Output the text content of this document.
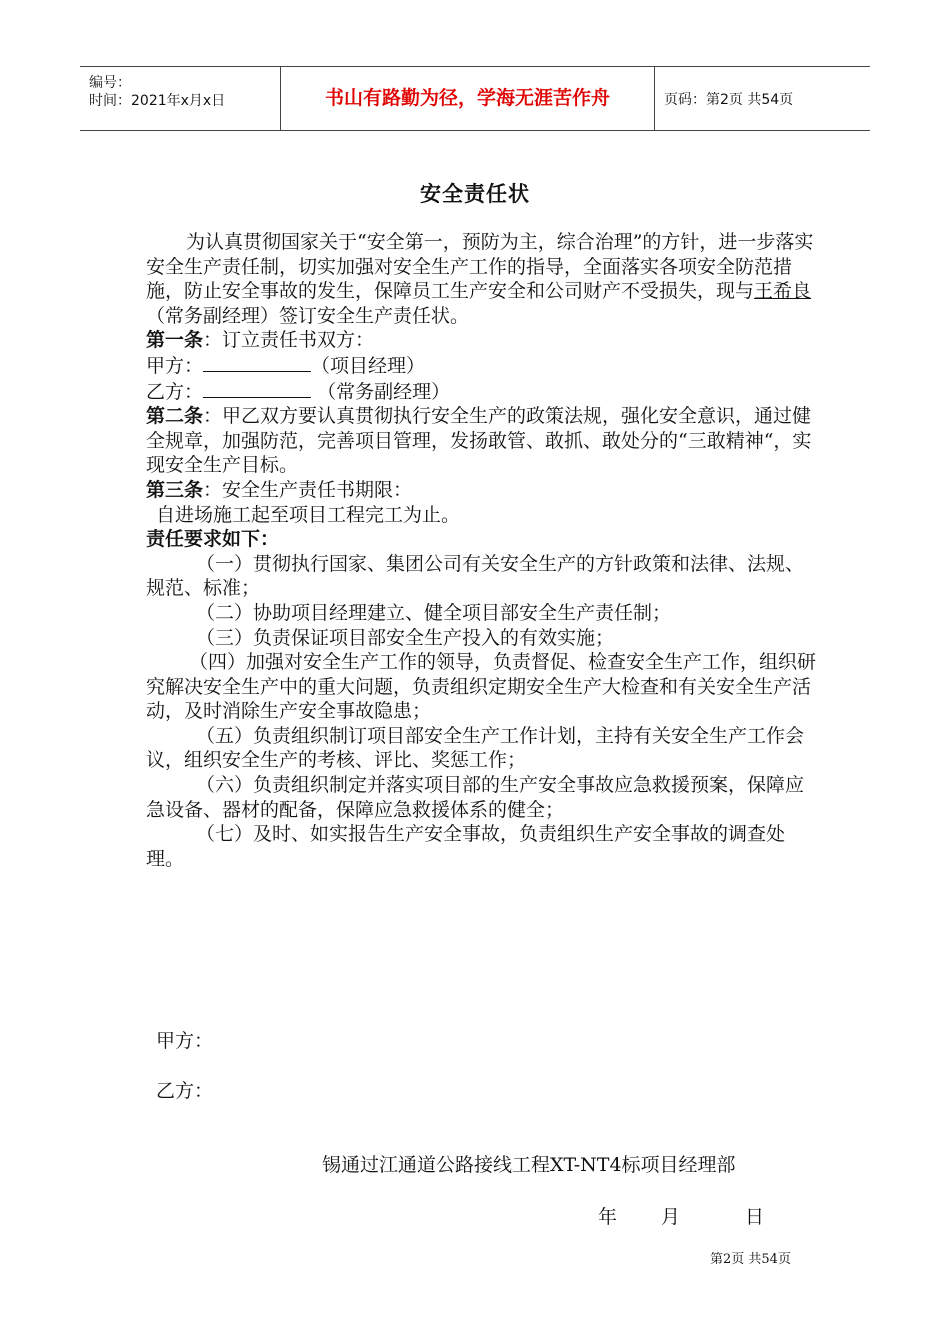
编号：
时间：2021年x月x日	书山有路勤为径，学海无涯苦作舟	页码：第2页 共54页
安全责任状

为认真贯彻国家关于“安全第一，预防为主，综合治理”的方针，进一步落实安全生产责任制，切实加强对安全生产工作的指导，全面落实各项安全防范措施，防止安全事故的发生，保障员工生产安全和公司财产不受损失，现与王希良（常务副经理）签订安全生产责任状。

第一条：订立责任书双方：

甲方：	（项目经理）

乙方：	（常务副经理）

第二条：甲乙双方要认真贯彻执行安全生产的政策法规，强化安全意识，通过健全规章，加强防范，完善项目管理，发扬敢管、敢抓、敢处分的“三敢精神“，实现安全生产目标。

第三条：安全生产责任书期限：

自进场施工起至项目工程完工为止。

责任要求如下：

（一）贯彻执行国家、集团公司有关安全生产的方针政策和法律、法规、规范、标准；

（二）协助项目经理建立、健全项目部安全生产责任制；

（三）负责保证项目部安全生产投入的有效实施；

（四）加强对安全生产工作的领导，负责督促、检查安全生产工作，组织研究解决安全生产中的重大问题，负责组织定期安全生产大检查和有关安全生产活动，及时消除生产安全事故隐患；

（五）负责组织制订项目部安全生产工作计划，主持有关安全生产工作会议，组织安全生产的考核、评比、奖惩工作；

（六）负责组织制定并落实项目部的生产安全事故应急救援预案，保障应急设备、器材的配备，保障应急救援体系的健全；

（七）及时、如实报告生产安全事故，负责组织生产安全事故的调查处理。

甲方：
乙方：
锡通过江通道公路接线工程XT-NT4标项目经理部
年　　月　　　日
第2页 共54页
